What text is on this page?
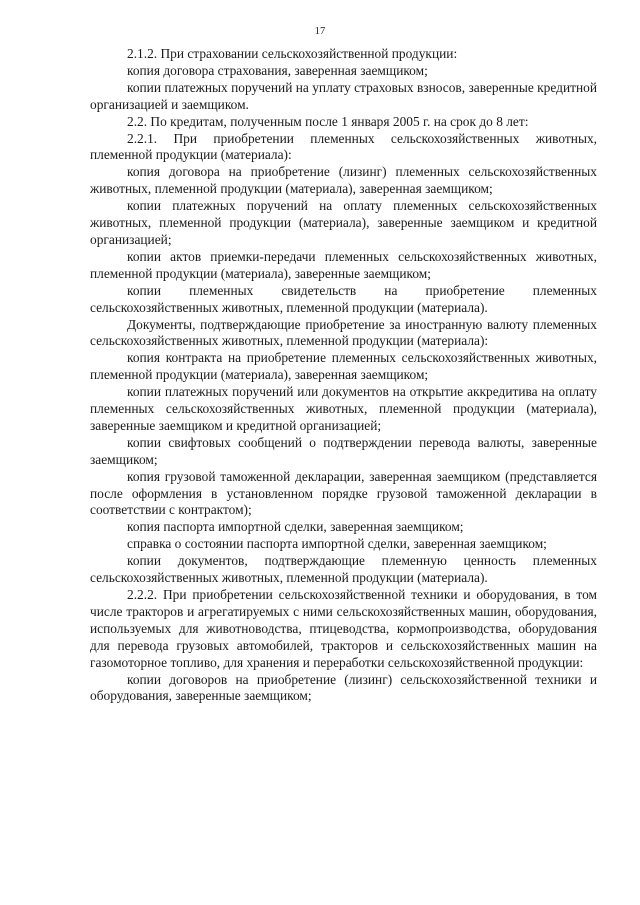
17

2.1.2. При страховании сельскохозяйственной продукции:

копия договора страхования, заверенная заемщиком;

копии платежных поручений на уплату страховых взносов, заверенные кредитной организацией и заемщиком.

2.2. По кредитам, полученным после 1 января 2005 г. на срок до 8 лет:

2.2.1. При приобретении племенных сельскохозяйственных животных, племенной продукции (материала):

копия договора на приобретение (лизинг) племенных сельскохозяйственных животных, племенной продукции (материала), заверенная заемщиком;

копии платежных поручений на оплату племенных сельскохозяйственных животных, племенной продукции (материала), заверенные заемщиком и кредитной организацией;

копии актов приемки-передачи племенных сельскохозяйственных животных, племенной продукции (материала), заверенные заемщиком;

копии племенных свидетельств на приобретение племенных сельскохозяйственных животных, племенной продукции (материала).

Документы, подтверждающие приобретение за иностранную валюту племенных сельскохозяйственных животных, племенной продукции (материала):

копия контракта на приобретение племенных сельскохозяйственных животных, племенной продукции (материала), заверенная заемщиком;

копии платежных поручений или документов на открытие аккредитива на оплату племенных сельскохозяйственных животных, племенной продукции (материала), заверенные заемщиком и кредитной организацией;

копии свифтовых сообщений о подтверждении перевода валюты, заверенные заемщиком;

копия грузовой таможенной декларации, заверенная заемщиком (представляется после оформления в установленном порядке грузовой таможенной декларации в соответствии с контрактом);

копия паспорта импортной сделки, заверенная заемщиком;

справка о состоянии паспорта импортной сделки, заверенная заемщиком;

копии документов, подтверждающие племенную ценность племенных сельскохозяйственных животных, племенной продукции (материала).

2.2.2. При приобретении сельскохозяйственной техники и оборудования, в том числе тракторов и агрегатируемых с ними сельскохозяйственных машин, оборудования, используемых для животноводства, птицеводства, кормопроизводства, оборудования для перевода грузовых автомобилей, тракторов и сельскохозяйственных машин на газомоторное топливо, для хранения и переработки сельскохозяйственной продукции:

копии договоров на приобретение (лизинг) сельскохозяйственной техники и оборудования, заверенные заемщиком;
